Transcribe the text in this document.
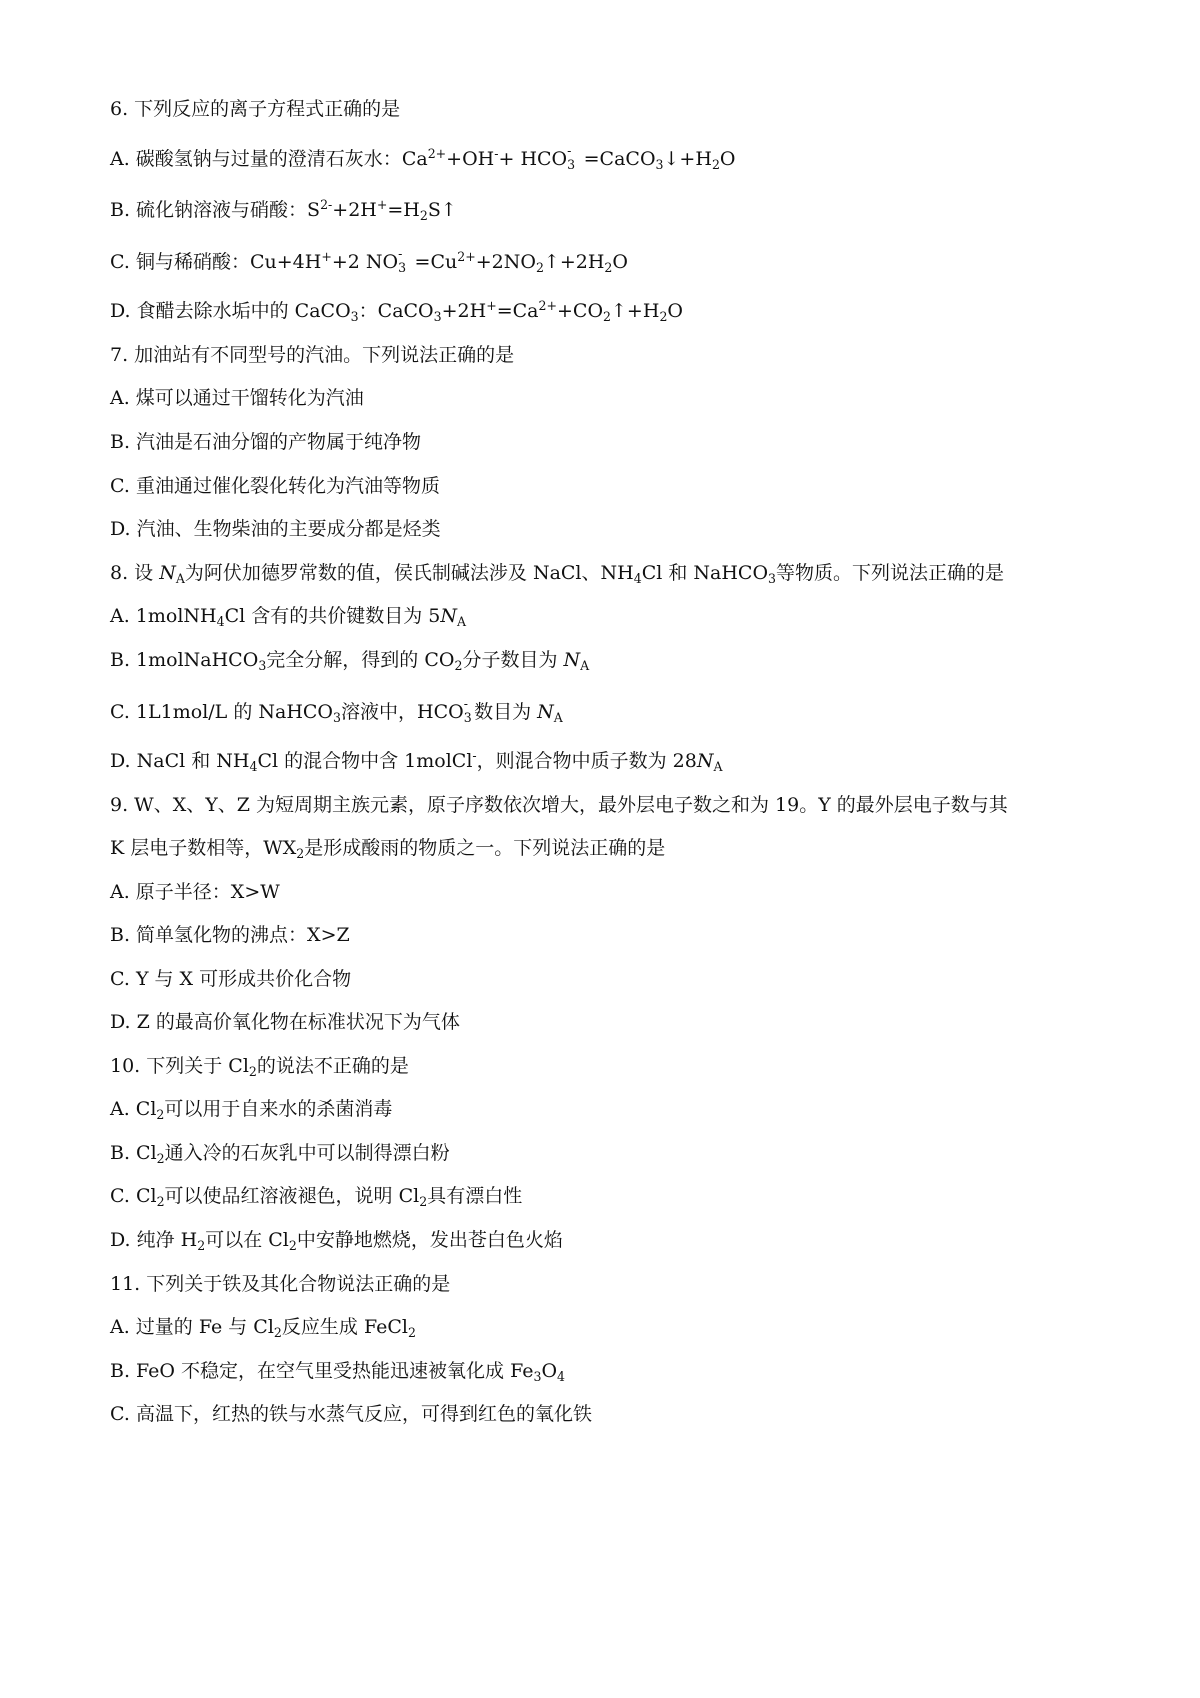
6. 下列反应的离子方程式正确的是
A. 碳酸氢钠与过量的澄清石灰水：$Ca^{2+}+OH^-+$ HCO -
$3 =CaCO_3↓+H_2O$
B. 硫化钠溶液与硝酸：$S^{2-}+2H^+=H_2S↑$
C. 铜与稀硝酸：Cu+4H++2 NO -
$3 =Cu^{2+}+2NO_2↑+2H_2O$
D. 食醋去除水垢中的 CaCO$_3$：$CaCO_3+2H^+=Ca^{2+}+CO_2↑+H_2O$
7. 加油站有不同型号的汽油。下列说法正确的是
A. 煤可以通过干馏转化为汽油
B. 汽油是石油分馏的产物属于纯净物
C. 重油通过催化裂化转化为汽油等物质
D. 汽油、生物柴油的主要成分都是烃类
8. 设 $N_A$为阿伏加德罗常数的值，侯氏制碱法涉及 NaCl、$NH_4Cl$ 和 NaHCO$_3$等物质。下列说法正确的是
A. 1molNH$_4$Cl 含有的共价键数目为 $5N_A$
B. 1molNaHCO$_3$完全分解，得到的 $CO_2$分子数目为 $N_A$
C. 1L1mol/L 的 NaHCO$_3$溶液中，HCO -
3 数目为 $N_A$
D. NaCl 和 $NH_4Cl$ 的混合物中含 1molCl-，则混合物中质子数为 $28N_A$
9. W、X、Y、Z 为短周期主族元素，原子序数依次增大，最外层电子数之和为 19。Y 的最外层电子数与其
K 层电子数相等，$WX_2$是形成酸雨的物质之一。下列说法正确的是
A. 原子半径：X>W
B. 简单氢化物的沸点：X>Z
C. Y 与 X 可形成共价化合物
D. Z 的最高价氧化物在标准状况下为气体
10. 下列关于 $Cl_2$的说法不正确的是
A. $Cl_2$可以用于自来水的杀菌消毒
B. $Cl_2$通入冷的石灰乳中可以制得漂白粉
C. $Cl_2$可以使品红溶液褪色，说明 $Cl_2$具有漂白性
D. 纯净 $H_2$可以在 $Cl_2$中安静地燃烧，发出苍白色火焰
11. 下列关于铁及其化合物说法正确的是
A. 过量的 Fe 与 $Cl_2$反应生成 FeCl$_2$
B. FeO 不稳定，在空气里受热能迅速被氧化成 $Fe_3O_4$
C. 高温下，红热的铁与水蒸气反应，可得到红色的氧化铁
